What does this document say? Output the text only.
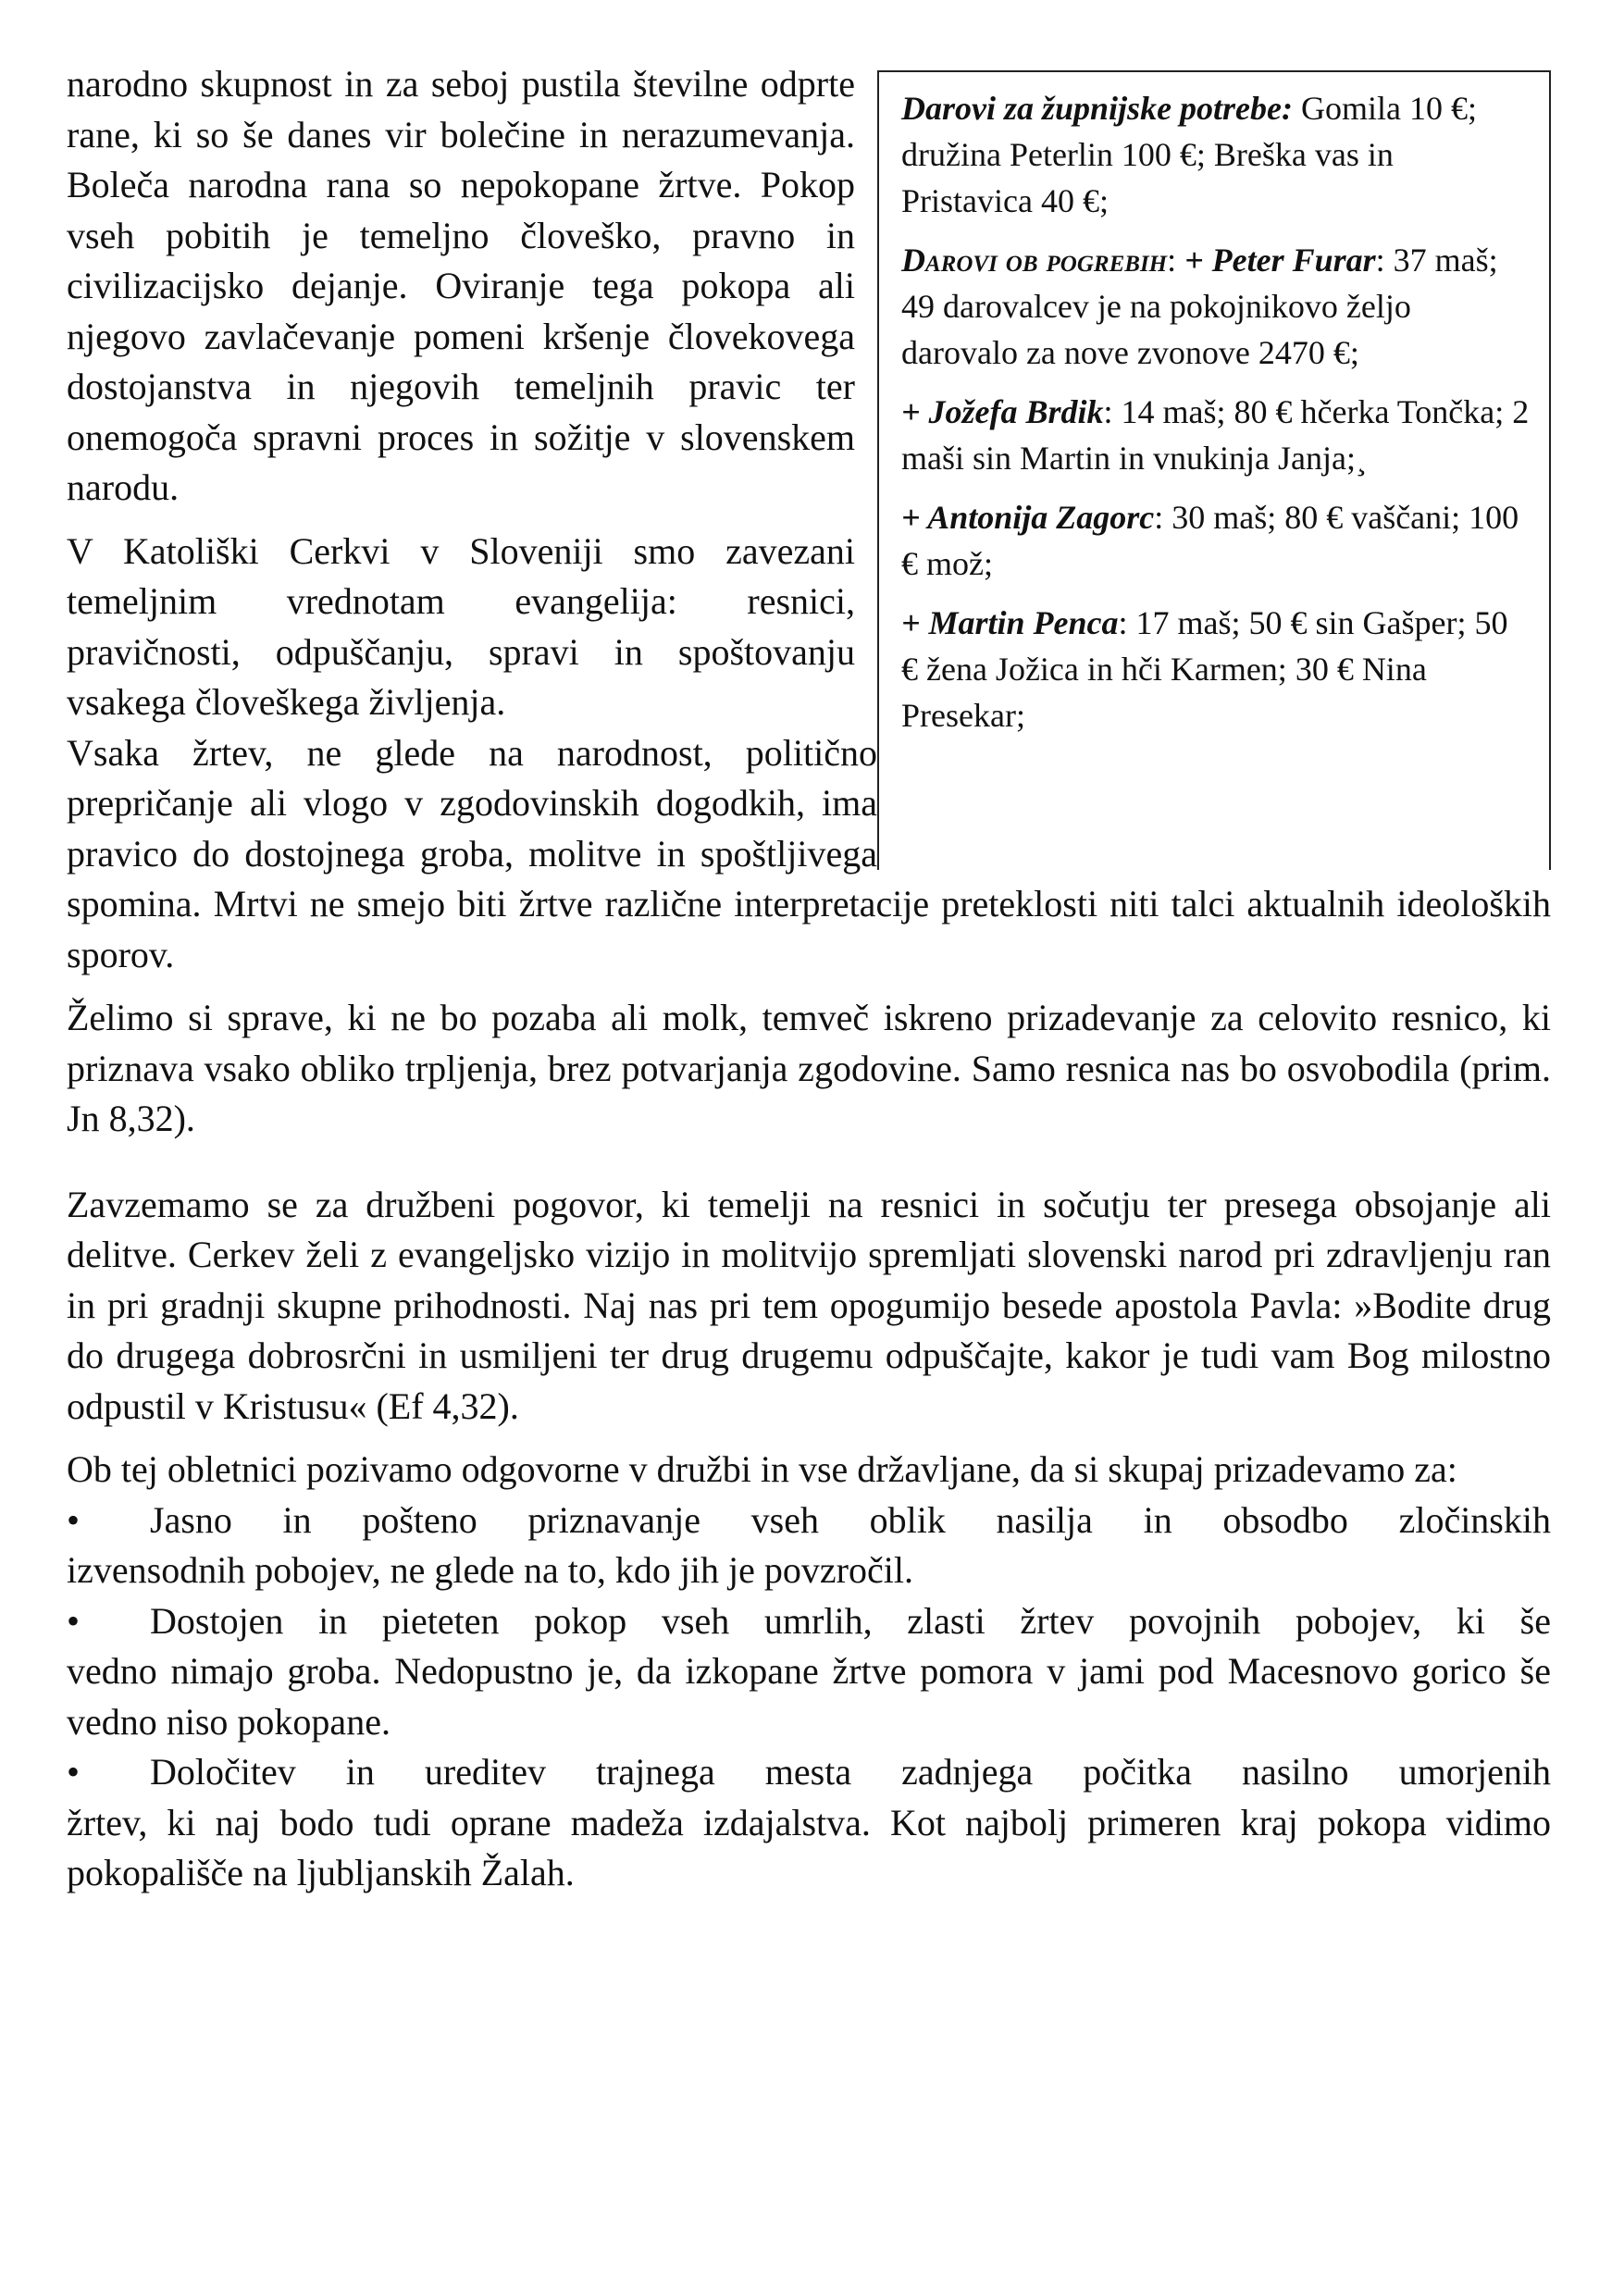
Darovi za župnijske potrebe: Gomila 10 €; družina Peterlin 100 €; Breška vas in Pristavica 40 €;

Darovi ob pogrebih: + Peter Furar: 37 maš; 49 darovalcev je na pokojnikovo željo darovalo za nove zvonove 2470 €;

+ Jožefa Brdik: 14 maš; 80 € hčerka Tončka; 2 maši sin Martin in vnukinja Janja;¸

+ Antonija Zagorc: 30 maš; 80 € vaščani; 100 € mož;

+ Martin Penca: 17 maš; 50 € sin Gašper; 50 € žena Jožica in hči Karmen; 30 € Nina Presekar;

narodno skupnost in za seboj pustila številne odprte rane, ki so še danes vir bolečine in nerazumevanja. Boleča narodna rana so nepokopane žrtve. Pokop vseh pobitih je temeljno človeško, pravno in civilizacijsko dejanje. Oviranje tega pokopa ali njegovo zavlačevanje pomeni kršenje človekovega dostojanstva in njegovih temeljnih pravic ter onemogoča spravni proces in sožitje v slovenskem narodu.

V Katoliški Cerkvi v Sloveniji smo zavezani temeljnim vrednotam evangelija: resnici, pravičnosti, odpuščanju, spravi in spoštovanju vsakega človeškega življenja.

Vsaka žrtev, ne glede na narodnost, politično prepričanje ali vlogo v zgodovinskih dogodkih, ima pravico do dostojnega groba, molitve in spoštljivega spomina. Mrtvi ne smejo biti žrtve različne interpretacije preteklosti niti talci aktualnih ideoloških sporov.

Želimo si sprave, ki ne bo pozaba ali molk, temveč iskreno prizadevanje za celovito resnico, ki priznava vsako obliko trpljenja, brez potvarjanja zgodovine. Samo resnica nas bo osvobodila (prim. Jn 8,32).

Zavzemamo se za družbeni pogovor, ki temelji na resnici in sočutju ter presega obsojanje ali delitve. Cerkev želi z evangeljsko vizijo in molitvijo spremljati slovenski narod pri zdravljenju ran in pri gradnji skupne prihodnosti. Naj nas pri tem opogumijo besede apostola Pavla: »Bodite drug do drugega dobrosrčni in usmiljeni ter drug drugemu odpuščajte, kakor je tudi vam Bog milostno odpustil v Kristusu« (Ef 4,32).

Ob tej obletnici pozivamo odgovorne v družbi in vse državljane, da si skupaj prizadevamo za:

•	Jasno in pošteno priznavanje vseh oblik nasilja in obsodbo zločinskih

izvensodnih pobojev, ne glede na to, kdo jih je povzročil.

•	Dostojen in pieteten pokop vseh umrlih, zlasti žrtev povojnih pobojev, ki še

vedno nimajo groba. Nedopustno je, da izkopane žrtve pomora v jami pod Macesnovo gorico še vedno niso pokopane.

•	Določitev in ureditev trajnega mesta zadnjega počitka nasilno umorjenih

žrtev, ki naj bodo tudi oprane madeža izdajalstva. Kot najbolj primeren kraj pokopa vidimo pokopališče na ljubljanskih Žalah.
